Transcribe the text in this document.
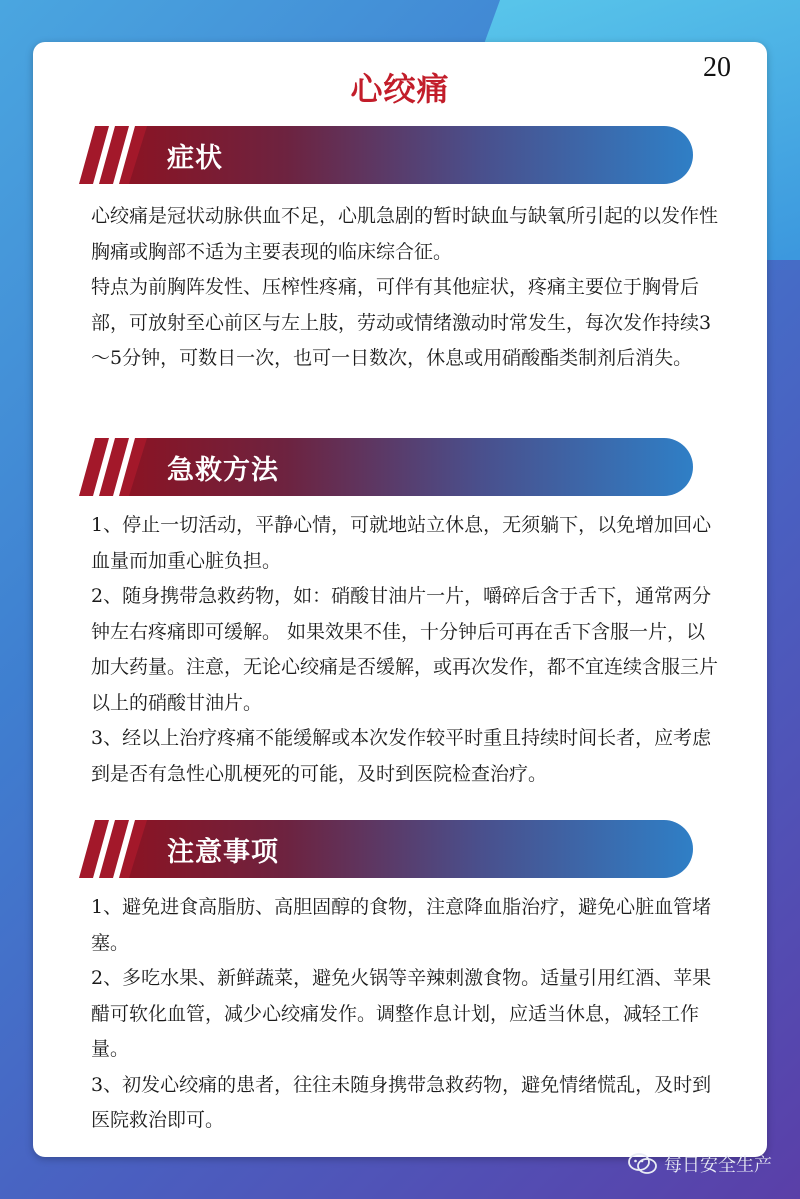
20
心绞痛
症状

心绞痛是冠状动脉供血不足，心肌急剧的暂时缺血与缺氧所引起的以发作性胸痛或胸部不适为主要表现的临床综合征。

特点为前胸阵发性、压榨性疼痛，可伴有其他症状，疼痛主要位于胸骨后部，可放射至心前区与左上肢，劳动或情绪激动时常发生，每次发作持续3～5分钟，可数日一次，也可一日数次，休息或用硝酸酯类制剂后消失。

急救方法

1、停止一切活动，平静心情，可就地站立休息，无须躺下，以免增加回心血量而加重心脏负担。

2、随身携带急救药物，如：硝酸甘油片一片，嚼碎后含于舌下，通常两分钟左右疼痛即可缓解。 如果效果不佳，十分钟后可再在舌下含服一片，以加大药量。注意，无论心绞痛是否缓解，或再次发作，都不宜连续含服三片以上的硝酸甘油片。

3、经以上治疗疼痛不能缓解或本次发作较平时重且持续时间长者，应考虑到是否有急性心肌梗死的可能，及时到医院检查治疗。

注意事项

1、避免进食高脂肪、高胆固醇的食物，注意降血脂治疗，避免心脏血管堵塞。

2、多吃水果、新鲜蔬菜，避免火锅等辛辣刺激食物。适量引用红酒、苹果醋可软化血管，减少心绞痛发作。调整作息计划，应适当休息，减轻工作量。

3、初发心绞痛的患者，往往未随身携带急救药物，避免情绪慌乱，及时到医院救治即可。

每日安全生产
